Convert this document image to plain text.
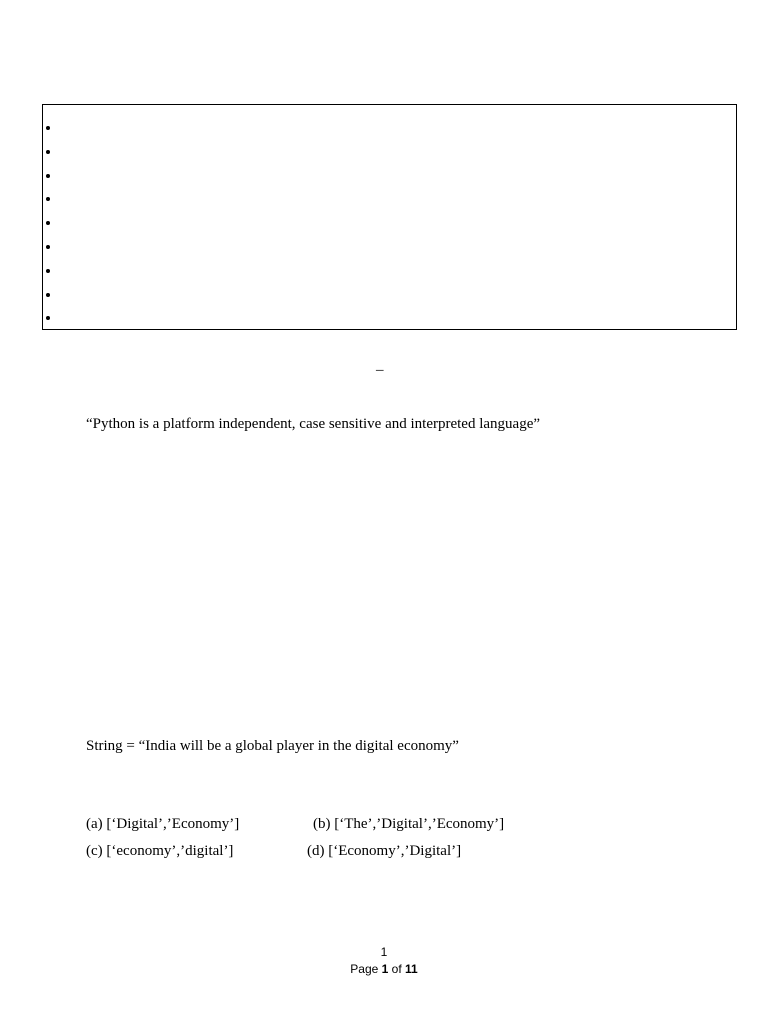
–
“Python is a platform independent, case sensitive and interpreted language”
String = “India will be a global player in the digital economy”
(a) [‘Digital’,’Economy’]	(b) [‘The’,’Digital’,’Economy’]
(c) [‘economy’,’digital’]	(d) [‘Economy’,’Digital’]
1
Page 1 of 11
